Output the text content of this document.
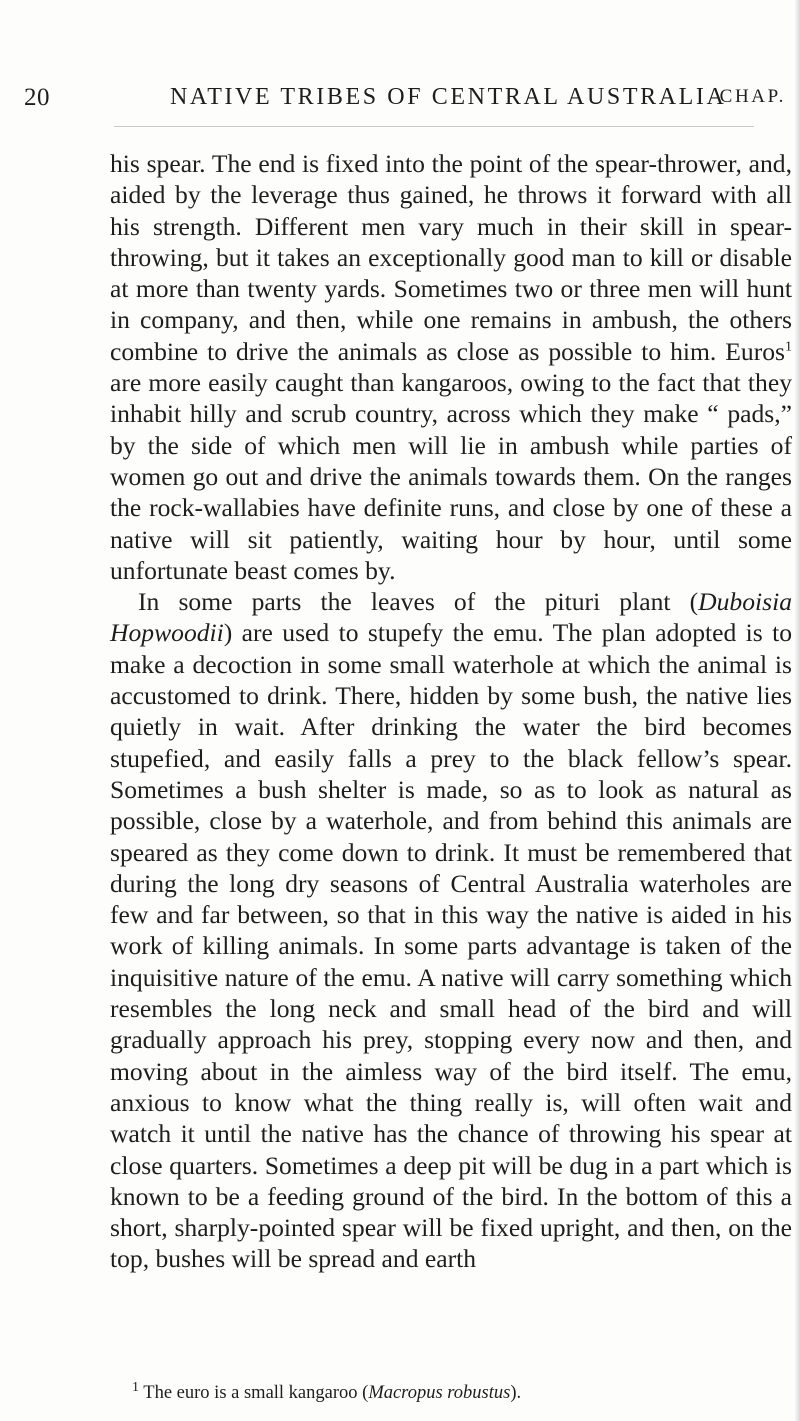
20	NATIVE TRIBES OF CENTRAL AUSTRALIA
CHAP.

his spear. The end is fixed into the point of the spear-thrower, and, aided by the leverage thus gained, he throws it forward with all his strength. Different men vary much in their skill in spear-throwing, but it takes an exceptionally good man to kill or disable at more than twenty yards. Sometimes two or three men will hunt in company, and then, while one remains in ambush, the others combine to drive the animals as close as possible to him. Euros$^1$ are more easily caught than kangaroos, owing to the fact that they inhabit hilly and scrub country, across which they make “ pads,” by the side of which men will lie in ambush while parties of women go out and drive the animals towards them. On the ranges the rock-wallabies have definite runs, and close by one of these a native will sit patiently, waiting hour by hour, until some unfortunate beast comes by.

In some parts the leaves of the pituri plant (Duboisia Hopwoodii) are used to stupefy the emu. The plan adopted is to make a decoction in some small waterhole at which the animal is accustomed to drink. There, hidden by some bush, the native lies quietly in wait. After drinking the water the bird becomes stupefied, and easily falls a prey to the black fellow’s spear. Sometimes a bush shelter is made, so as to look as natural as possible, close by a waterhole, and from behind this animals are speared as they come down to drink. It must be remembered that during the long dry seasons of Central Australia waterholes are few and far between, so that in this way the native is aided in his work of killing animals. In some parts advantage is taken of the inquisitive nature of the emu. A native will carry something which resembles the long neck and small head of the bird and will gradually approach his prey, stopping every now and then, and moving about in the aimless way of the bird itself. The emu, anxious to know what the thing really is, will often wait and watch it until the native has the chance of throwing his spear at close quarters. Sometimes a deep pit will be dug in a part which is known to be a feeding ground of the bird. In the bottom of this a short, sharply-pointed spear will be fixed upright, and then, on the top, bushes will be spread and earth

$^1$ The euro is a small kangaroo (Macropus robustus).
